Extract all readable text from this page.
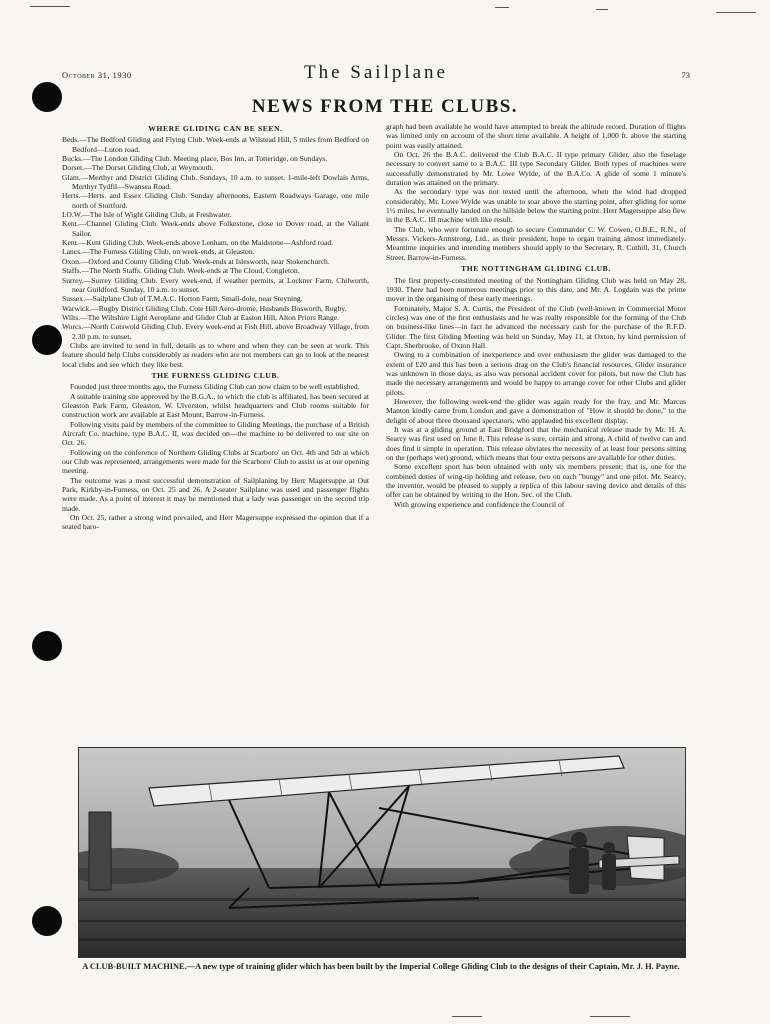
October 31, 1930	The Sailplane	73
NEWS FROM THE CLUBS.
WHERE GLIDING CAN BE SEEN.

Beds.—The Bedford Gliding and Flying Club. Week-ends at Wilstead Hill, 5 miles from Bedford on Bedford—Luton road.

Bucks.—The London Gliding Club. Meeting place, Bos Inn, at Totteridge, on Sundays.

Dorset.—The Dorset Gliding Club, at Weymouth.

Glam.—Merthyr and District Gliding Club. Sundays, 10 a.m. to sunset. 1-mile-left Dowlais Arms, Merthyr Tydfil—Swansea Road.

Herts.—Herts. and Essex Gliding Club. Sunday afternoons, Eastern Roadways Garage, one mile north of Stortford.

I.O.W.—The Isle of Wight Gliding Club, at Freshwater.

Kent.—Channel Gliding Club. Week-ends above Folkestone, close to Dover road, at the Valiant Sailor.

Kent.—Kent Gliding Club. Week-ends above Lenham, on the Maidstone—Ashford road.

Lancs.—The Furness Gliding Club, on week-ends, at Gleaston.

Oxon.—Oxford and County Gliding Club. Week-ends at Islesworth, near Stokenchurch.

Staffs.—The North Staffs. Gliding Club. Week-ends at The Cloud, Congleton.

Surrey.—Surrey Gliding Club. Every week-end, if weather permits, at Lockner Farm, Chilworth, near Guildford. Sunday, 10 a.m. to sunset.

Sussex.—Sailplane Club of T.M.A.C. Horton Farm, Small-dole, near Steyning.

Warwick.—Rugby District Gliding Club. Cote Hill Aero-drome, Husbands Bosworth, Rugby.

Wilts.—The Wiltshire Light Aeroplane and Glider Club at Easton Hill, Alton Priors Range.

Worcs.—North Cotswold Gliding Club. Every week-end at Fish Hill, above Broadway Village, from 2.30 p.m. to sunset.

Clubs are invited to send in full, details as to where and when they can be seen at work. This feature should help Clubs considerably as readers who are not members can go to look at the nearest local clubs and see which they like best.

THE FURNESS GLIDING CLUB.

Founded just three months ago, the Furness Gliding Club can now claim to be well established.

A suitable training site approved by the B.G.A., to which the club is affiliated, has been secured at Gleaston Park Farm, Gleaston, W. Ulverston, whilst headquarters and Club rooms suitable for construction work are available at East Mount, Barrow-in-Furness.

Following visits paid by members of the committee to Gliding Meetings, the purchase of a British Aircraft Co. machine, type B.A.C. II, was decided on—the machine to be delivered to our site on Oct. 26.

Following on the conference of Northern Gliding Clubs at Scarboro' on Oct. 4th and 5th at which our Club was represented, arrangements were made for the Scarboro' Club to assist us at our opening meeting.

The outcome was a most successful demonstration of Sailplaning by Herr Magersuppe at Out Park, Kirkby-in-Furness, on Oct. 25 and 26. A 2-seater Sailplane was used and passenger flights were made. As a point of interest it may be mentioned that a lady was passenger on the second trip made.

On Oct. 25, rather a strong wind prevailed, and Herr Magersuppe expressed the opinion that if a seated baro-

graph had been available he would have attempted to break the altitude record. Duration of flights was limited only on account of the short time available. A height of 1,000 ft. above the starting point was easily attained.

On Oct. 26 the B.A.C. delivered the Club B.A.C. II type primary Glider, also the fuselage necessary to convert same to a B.A.C. III type Secondary Glider. Both types of machines were successfully demonstrated by Mr. Lowe Wylde, of the B.A.Co. A glide of some 1 minute's duration was attained on the primary.

As the secondary type was not tested until the afternoon, when the wind had dropped considerably, Mr. Lowe Wylde was unable to soar above the starting point, after gliding for some 1½ miles, he eventually landed on the hillside below the starting point. Herr Magersuppe also flew in the B.A.C. III machine with like result.

The Club, who were fortunate enough to secure Commander C. W. Cowen, O.B.E., R.N., of Messrs. Vickers-Armstrong, Ltd., as their president, hope to organ training almost immediately. Meantime inquiries and intending members should apply to the Secretary, R. Cuthill, 31, Church Street, Barrow-in-Furness.

THE NOTTINGHAM GLIDING CLUB.

The first properly-constituted meeting of the Nottingham Gliding Club was held on May 28, 1930. There had been numerous meetings prior to this date, and Mr. A. Logdain was the prime mover in the organising of these early meetings.

Fortunately, Major S. A. Curtis, the President of the Club (well-known in Commercial Motor circles) was one of the first enthusiasts and he was really responsible for the forming of the Club on business-like lines—in fact he advanced the necessary cash for the purchase of the R.F.D. Glider. The first Gliding Meeting was held on Sunday, May 11, at Oxton, by kind permission of Capt. Sherbrooke, of Oxton Hall.

Owing to a combination of inexperience and over enthusiasm the glider was damaged to the extent of £20 and this has been a serious drag on the Club's financial resources. Glider insurance was unknown in those days, as also was personal accident cover for pilots, but now the Club has made the necessary arrangements and would be happy to arrange cover for other Clubs and glider pilots.

However, the following week-end the glider was again ready for the fray, and Mr. Marcus Manton kindly came from London and gave a demonstration of "How it should be done," to the delight of about three thousand spectators, who applauded his excellent display.

It was at a gliding ground at East Bridgford that the mechanical release made by Mr. H. A. Searcy was first used on June 8. This release is sure, certain and strong. A child of twelve can and does find it simple in operation. This release obviates the necessity of at least four persons sitting on the (perhaps wet) ground, which means that four extra persons are available for other duties.

Some excellent sport has been obtained with only six members present; that is, one for the combined duties of wing-tip holding and release, two on each "bungy" and one pilot. Mr. Searcy, the inventor, would be pleased to supply a replica of this labour saving device and details of this offer can be obtained by writing to the Hon. Sec. of the Club.

With growing experience and confidence the Council of

A CLUB-BUILT MACHINE.—A new type of training glider which has been built by the Imperial College Gliding Club to the designs of their Captain, Mr. J. H. Payne.
